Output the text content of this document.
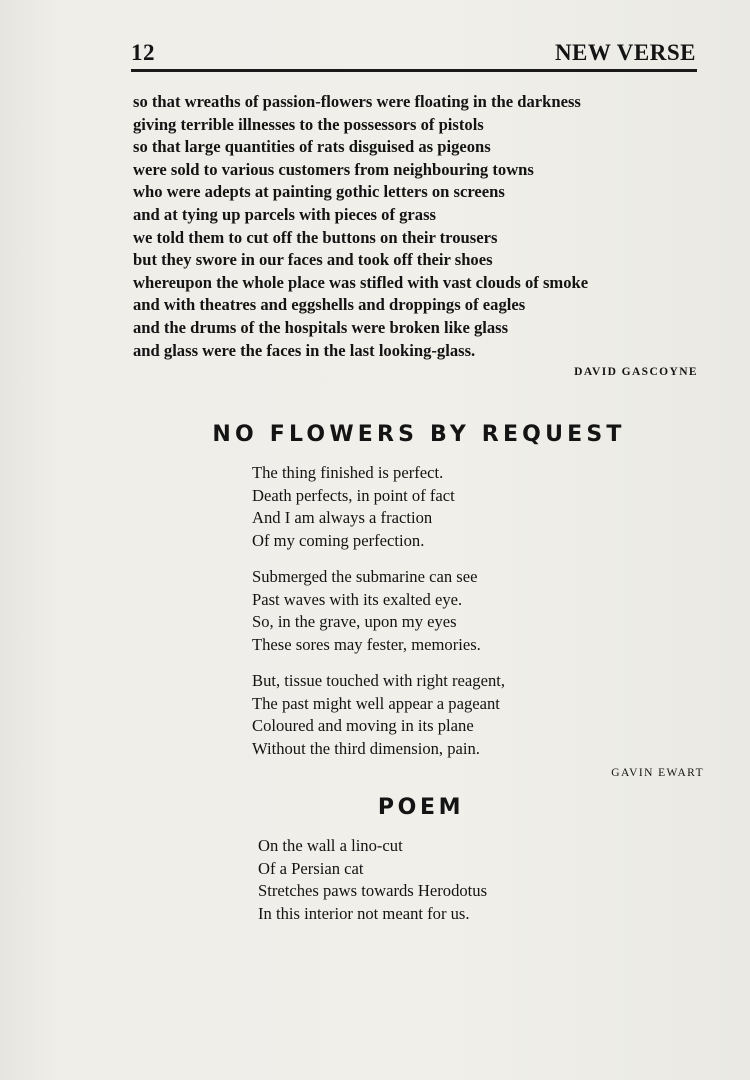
12	NEW VERSE
so that wreaths of passion-flowers were floating in the darkness
giving terrible illnesses to the possessors of pistols
so that large quantities of rats disguised as pigeons
were sold to various customers from neighbouring towns
who were adepts at painting gothic letters on screens
and at tying up parcels with pieces of grass
we told them to cut off the buttons on their trousers
but they swore in our faces and took off their shoes
whereupon the whole place was stifled with vast clouds of smoke
and with theatres and eggshells and droppings of eagles
and the drums of the hospitals were broken like glass
and glass were the faces in the last looking-glass.
DAVID GASCOYNE
NO FLOWERS BY REQUEST
The thing finished is perfect.
Death perfects, in point of fact
And I am always a fraction
Of my coming perfection.
Submerged the submarine can see
Past waves with its exalted eye.
So, in the grave, upon my eyes
These sores may fester, memories.
But, tissue touched with right reagent,
The past might well appear a pageant
Coloured and moving in its plane
Without the third dimension, pain.
GAVIN EWART
POEM
On the wall a lino-cut
Of a Persian cat
Stretches paws towards Herodotus
In this interior not meant for us.
